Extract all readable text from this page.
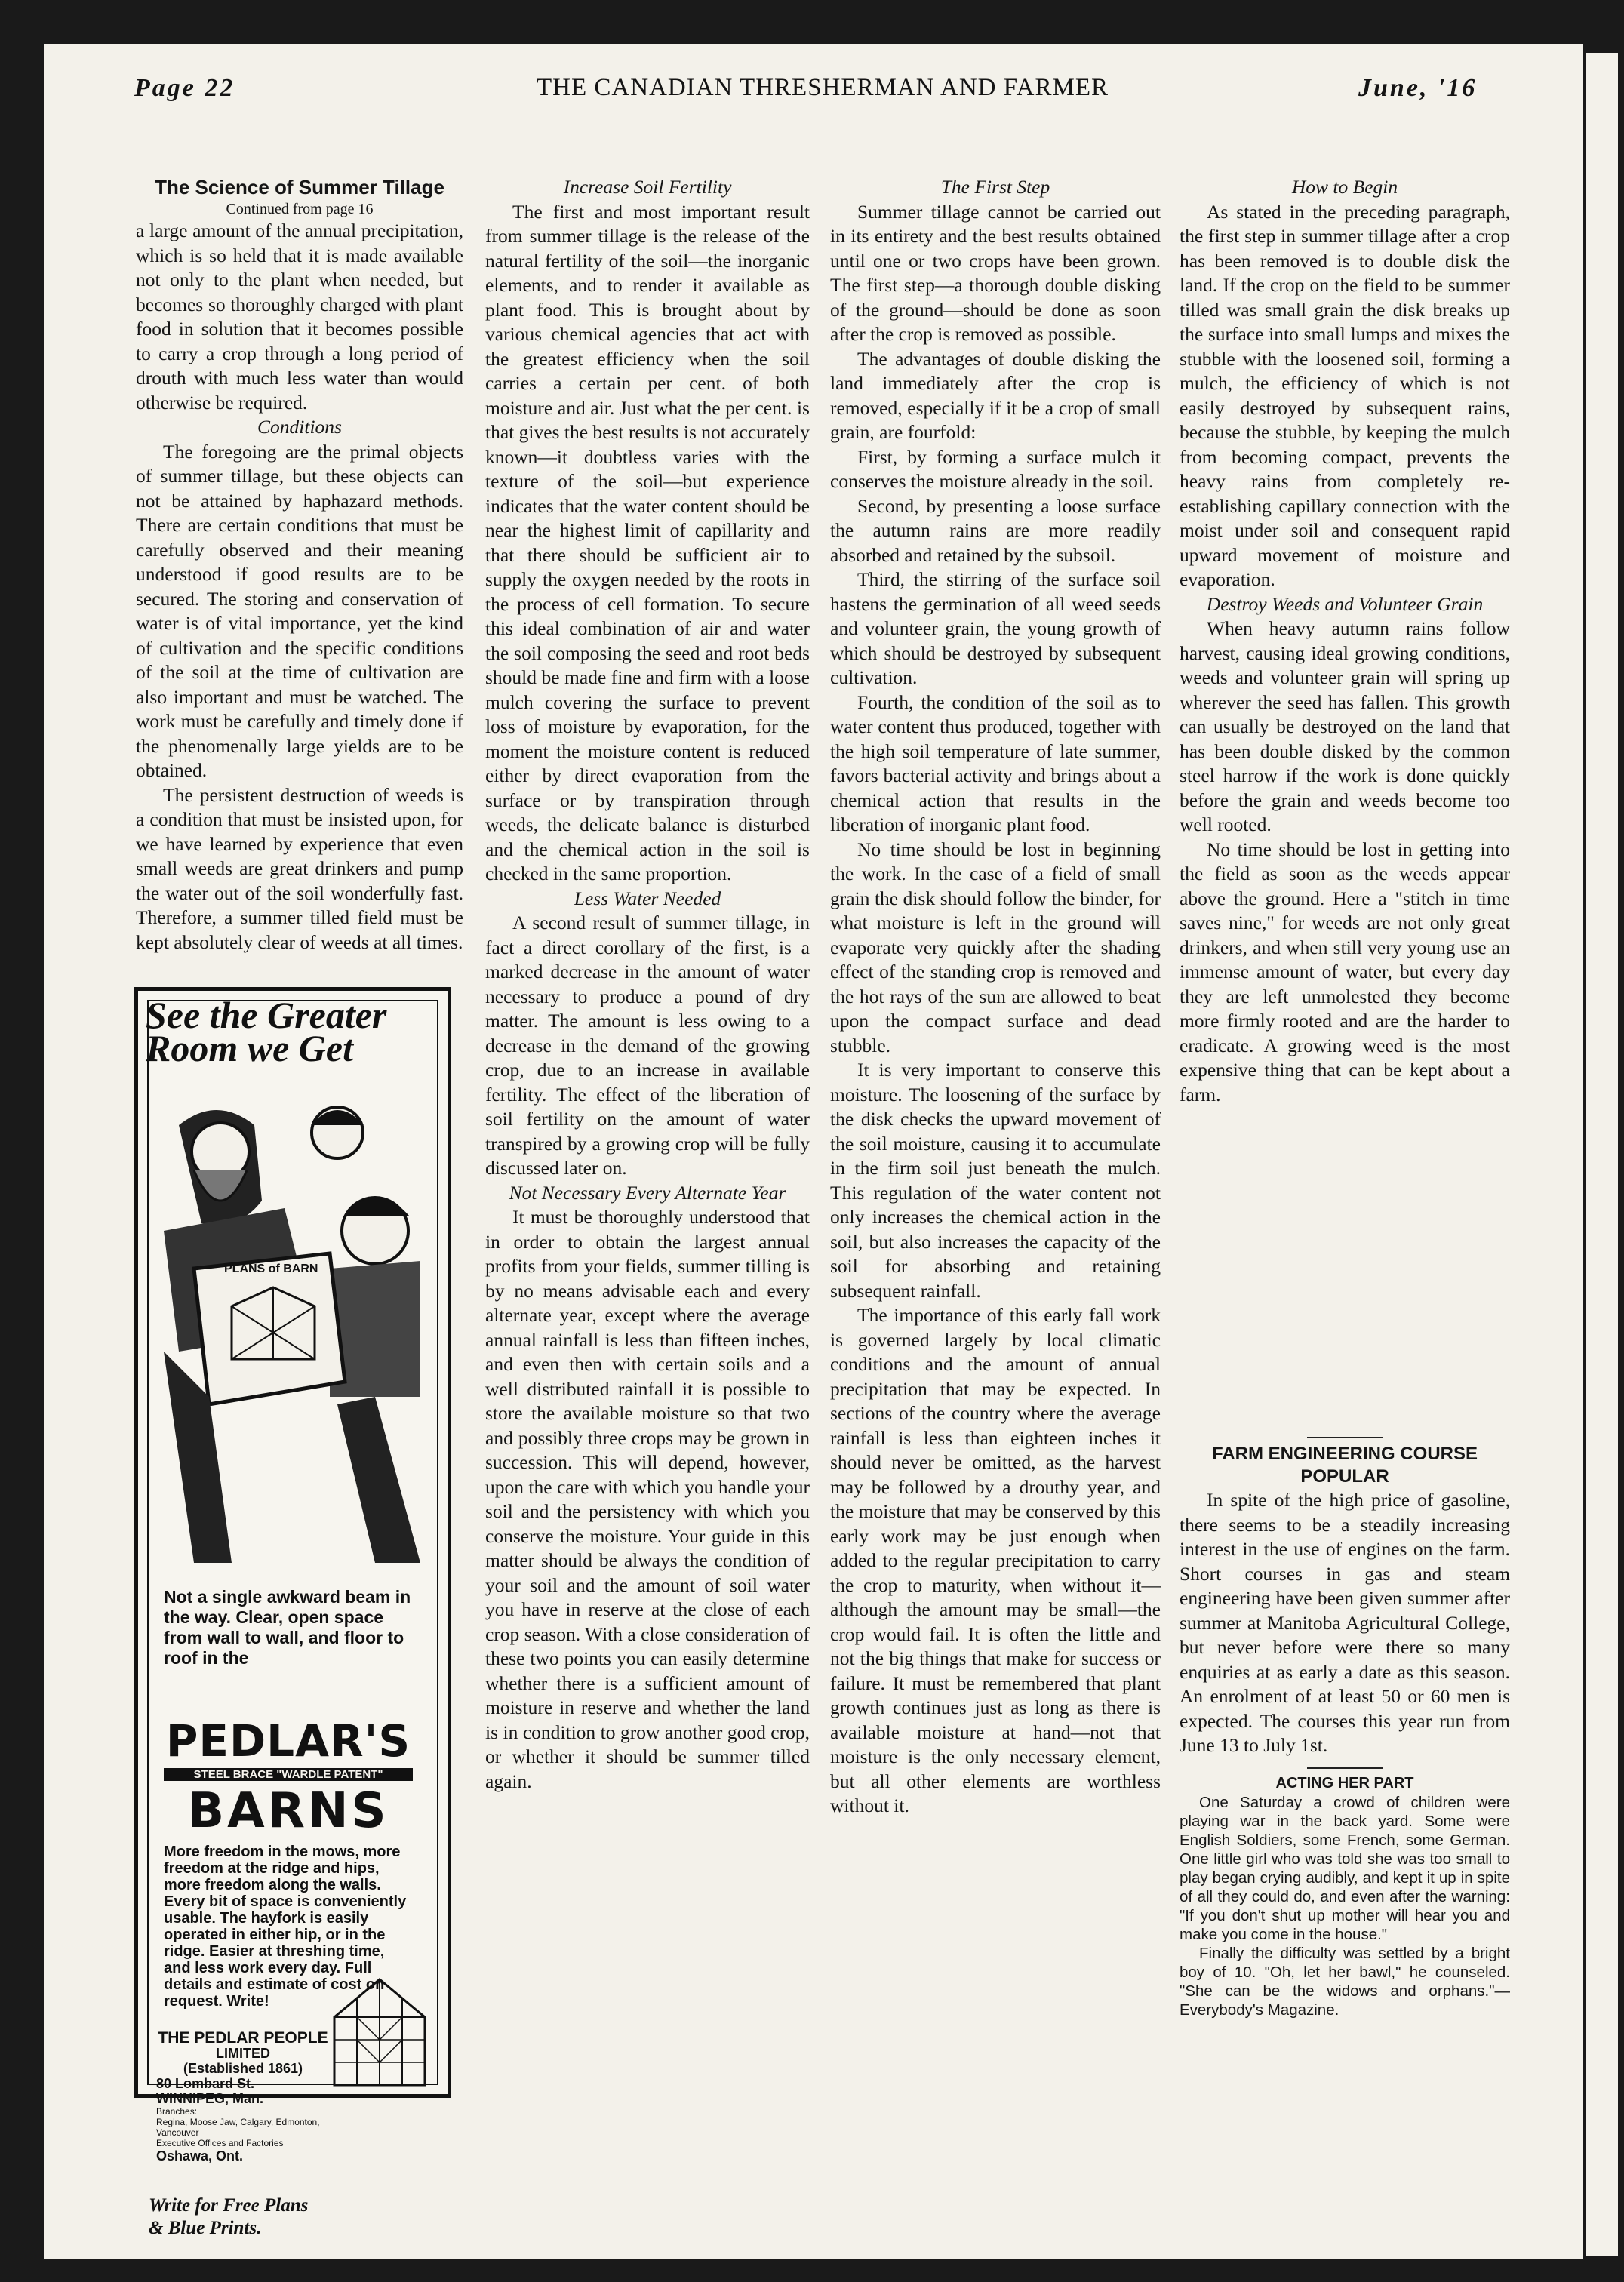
Page 22	THE CANADIAN THRESHERMAN AND FARMER	June, '16
The Science of Summer Tillage
Continued from page 16

a large amount of the annual precipitation, which is so held that it is made available not only to the plant when needed, but becomes so thoroughly charged with plant food in solution that it becomes possible to carry a crop through a long period of drouth with much less water than would otherwise be required.

Conditions

The foregoing are the primal objects of summer tillage, but these objects can not be attained by haphazard methods. There are certain conditions that must be carefully observed and their meaning understood if good results are to be secured. The storing and conservation of water is of vital importance, yet the kind of cultivation and the specific conditions of the soil at the time of cultivation are also important and must be watched. The work must be carefully and timely done if the phenomenally large yields are to be obtained.

The persistent destruction of weeds is a condition that must be insisted upon, for we have learned by experience that even small weeds are great drinkers and pump the water out of the soil wonderfully fast. Therefore, a summer tilled field must be kept absolutely clear of weeds at all times.

See the Greater Room we Get
PLANS of BARN
Not a single awkward beam in the way. Clear, open space from wall to wall, and floor to roof in the
PEDLAR'S
STEEL BRACE "WARDLE PATENT"
BARNS
More freedom in the mows, more freedom at the ridge and hips, more freedom along the walls. Every bit of space is conveniently usable. The hayfork is easily operated in either hip, or in the ridge. Easier at threshing time, and less work every day. Full details and estimate of cost on request. Write!
THE PEDLAR PEOPLE
LIMITED
(Established 1861)
80 Lombard St. WINNIPEG, Man.
Branches:
Regina, Moose Jaw, Calgary, Edmonton, Vancouver
Executive Offices and Factories
Oshawa, Ont.
Write for Free Plans & Blue Prints.

Increase Soil Fertility

The first and most important result from summer tillage is the release of the natural fertility of the soil—the inorganic elements, and to render it available as plant food. This is brought about by various chemical agencies that act with the greatest efficiency when the soil carries a certain per cent. of both moisture and air. Just what the per cent. is that gives the best results is not accurately known—it doubtless varies with the texture of the soil—but experience indicates that the water content should be near the highest limit of capillarity and that there should be sufficient air to supply the oxygen needed by the roots in the process of cell formation. To secure this ideal combination of air and water the soil composing the seed and root beds should be made fine and firm with a loose mulch covering the surface to prevent loss of moisture by evaporation, for the moment the moisture content is reduced either by direct evaporation from the surface or by transpiration through weeds, the delicate balance is disturbed and the chemical action in the soil is checked in the same proportion.

Less Water Needed

A second result of summer tillage, in fact a direct corollary of the first, is a marked decrease in the amount of water necessary to produce a pound of dry matter. The amount is less owing to a decrease in the demand of the growing crop, due to an increase in available fertility. The effect of the liberation of soil fertility on the amount of water transpired by a growing crop will be fully discussed later on.

Not Necessary Every Alternate Year

It must be thoroughly understood that in order to obtain the largest annual profits from your fields, summer tilling is by no means advisable each and every alternate year, except where the average annual rainfall is less than fifteen inches, and even then with certain soils and a well distributed rainfall it is possible to store the available moisture so that two and possibly three crops may be grown in succession. This will depend, however, upon the care with which you handle your soil and the persistency with which you conserve the moisture. Your guide in this matter should be always the condition of your soil and the amount of soil water you have in reserve at the close of each crop season. With a close consideration of these two points you can easily determine whether there is a sufficient amount of moisture in reserve and whether the land is in condition to grow another good crop, or whether it should be summer tilled again.

The First Step

Summer tillage cannot be carried out in its entirety and the best results obtained until one or two crops have been grown. The first step—a thorough double disking of the ground—should be done as soon after the crop is removed as possible.

The advantages of double disking the land immediately after the crop is removed, especially if it be a crop of small grain, are fourfold:

First, by forming a surface mulch it conserves the moisture already in the soil.

Second, by presenting a loose surface the autumn rains are more readily absorbed and retained by the subsoil.

Third, the stirring of the surface soil hastens the germination of all weed seeds and volunteer grain, the young growth of which should be destroyed by subsequent cultivation.

Fourth, the condition of the soil as to water content thus produced, together with the high soil temperature of late summer, favors bacterial activity and brings about a chemical action that results in the liberation of inorganic plant food.

No time should be lost in beginning the work. In the case of a field of small grain the disk should follow the binder, for what moisture is left in the ground will evaporate very quickly after the shading effect of the standing crop is removed and the hot rays of the sun are allowed to beat upon the compact surface and dead stubble.

It is very important to conserve this moisture. The loosening of the surface by the disk checks the upward movement of the soil moisture, causing it to accumulate in the firm soil just beneath the mulch. This regulation of the water content not only increases the chemical action in the soil, but also increases the capacity of the soil for absorbing and retaining subsequent rainfall.

The importance of this early fall work is governed largely by local climatic conditions and the amount of annual precipitation that may be expected. In sections of the country where the average rainfall is less than eighteen inches it should never be omitted, as the harvest may be followed by a drouthy year, and the moisture that may be conserved by this early work may be just enough when added to the regular precipitation to carry the crop to maturity, when without it—although the amount may be small—the crop would fail. It is often the little and not the big things that make for success or failure. It must be remembered that plant growth continues just as long as there is available moisture at hand—not that moisture is the only necessary element, but all other elements are worthless without it.

How to Begin

As stated in the preceding paragraph, the first step in summer tillage after a crop has been removed is to double disk the land. If the crop on the field to be summer tilled was small grain the disk breaks up the surface into small lumps and mixes the stubble with the loosened soil, forming a mulch, the efficiency of which is not easily destroyed by subsequent rains, because the stubble, by keeping the mulch from becoming compact, prevents the heavy rains from completely re-establishing capillary connection with the moist under soil and consequent rapid upward movement of moisture and evaporation.

Destroy Weeds and Volunteer Grain

When heavy autumn rains follow harvest, causing ideal growing conditions, weeds and volunteer grain will spring up wherever the seed has fallen. This growth can usually be destroyed on the land that has been double disked by the common steel harrow if the work is done quickly before the grain and weeds become too well rooted.

No time should be lost in getting into the field as soon as the weeds appear above the ground. Here a "stitch in time saves nine," for weeds are not only great drinkers, and when still very young use an immense amount of water, but every day they are left unmolested they become more firmly rooted and are the harder to eradicate. A growing weed is the most expensive thing that can be kept about a farm.

FARM ENGINEERING COURSE POPULAR

In spite of the high price of gasoline, there seems to be a steadily increasing interest in the use of engines on the farm. Short courses in gas and steam engineering have been given summer after summer at Manitoba Agricultural College, but never before were there so many enquiries at as early a date as this season. An enrolment of at least 50 or 60 men is expected. The courses this year run from June 13 to July 1st.

ACTING HER PART

One Saturday a crowd of children were playing war in the back yard. Some were English Soldiers, some French, some German. One little girl who was told she was too small to play began crying audibly, and kept it up in spite of all they could do, and even after the warning: "If you don't shut up mother will hear you and make you come in the house."

Finally the difficulty was settled by a bright boy of 10. "Oh, let her bawl," he counseled. "She can be the widows and orphans."—Everybody's Magazine.
